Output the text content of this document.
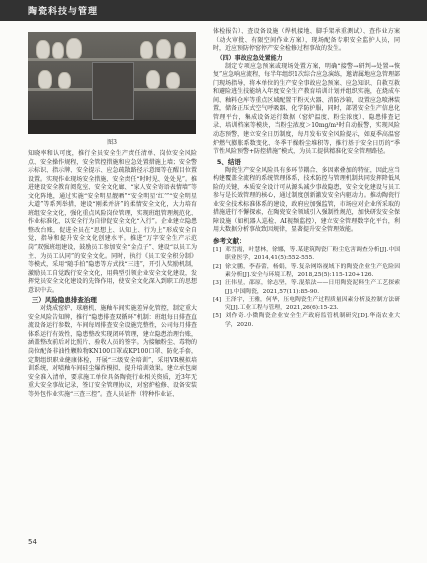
陶瓷科技与管理
图3

知晓率和认可度，推行全员安全生产责任清单、岗位安全风险点、安全操作规程，安全管控措施和应急处置措施上墙；安全警示标识、指示牌、安全提示、应急疏散路径示意图等在醒目位置设置。实现作业现场安全措施、安全责任“时时见、处处见”。推进建设安全教育阅览室、安全文化廊、“家人安全寄语表情墙”等文化阵地，通过实施“安全明星靓晒”“安全明星‘红’”“安全明星大道”等系列举措，建设“刚柔并济”的柔情安全文化，大力培育班组安全文化，强化重点风险岗位管理，实现班组管理规范化、作业标准化，以安全行为自律促安全文化“入行”。企业建立隐患整改台账，促进全员在“思想上、认知上、行为上”形成安全自觉，指导和提升安全文化创建水平。推进“万字安全生产示范岗”双强班组建设，鼓励员工参加安全“金点子”、建设“以员工为主、为员工认同”的安全文化。同时，执行《员工安全积分制》等模式，采用“随手拍”隐患等方式找“三违”，开引入奖励机制，激励员工自觉践行安全文化，用典型引领企业安全文化建设，发挥党员安全文化建设的先锋作用，使安全文化深入到职工的思想意识中去。

三）风险隐患排查治理

对烧成窑炉、球磨机、施釉车间实施差异化管控，制定重大安全风险告知牌，推行“隐患排查双循环”机制：班组每日排查直流设备运行参数，车间每周排查安全设施完整性，公司每月排查体系运行有效性，隐患整改实现闭环管理，建立隐患治理台账，涵盖整改前后对比照片、验收人员的签字。为接触粉尘、毒物的岗位配备非油性颗粒物KN100口罩或KP100口罩、防化手套，定期组织职业健康体检，开展“三级安全培训”，采用VR模拟培训系统，对喷釉车间硅尘爆炸模拟、提升培训效果。建立承包商安全准入清单，要求施工单位具备陶瓷行业相关资质，近3年无重大安全事故记录，签订安全管理协议，对窑炉检修、设备安装等外包作业实施“三查三控”。查人员证件（特种作业证、

体检报告）、查设备设施（焊机接地、脚手架承重测试）、查作业方案（动火审批、有限空间作业方案），现场配备专职安全监护人员，同时，近应预防停窑停产安全检修过程事故的发生。

（四）事故应急处置能力

制定专项应急预案或现场处置方案，明确“接警→研判→处置→恢复”应急响应流程，每半年组织1次综合应急演练，邀请属地应急管理部门现场指导，将本单位的生产安全事故应急预案、应急知识、自救互救和避险逃生技能纳入年度安全生产教育培训计划并组织实施，在烧成车间、釉料仓库等重点区域配置干粉灭火器、消防沙箱，设置应急喷淋装置，储备正压式空气呼吸器、化学防护服，同时，部署安全生产信息化管理平台，集成设备运行数据（窑炉温度、粉尘浓度）、隐患排查记录、培训档案等模块，当粉尘浓度＞10mg/m³时自动报警，实现风险动态预警，建立安全日历制度，每月发布安全风险提示，如夏季高温窑炉燃气膨胀系数变化、冬季干燥粉尘堆积等，推行基于安全日历的“季节性风险预警+防控措施”模式，为员工提供精准化安全管理路径。

5、结语

陶瓷生产安全风险具有多环节耦合、多因素叠加的特征，因此应当构建覆盖全流程的系统管理体系，技术防控与管理机制共同发挥降低风险的关键，本质安全设计可从源头减少事故隐患，安全文化建设与员工参与是长效管理的核心，通过制度创新激发安全内驱动力。推动陶瓷行业安全技术标准体系的建设，政府应加强监管，市场应对企业所采取的措施进行不懈探索，在陶瓷安全领域引入强制性规范，加快研发安全保障设施（如机器人巡检、AI视频监控），建立安全管理数字化平台，利用大数据分析事故致因规律，显著提升安全管理效能。

参考文献：
[1] 邓雪霞，叶慧林，徐娜，等.某建筑陶瓷厂粉尘危害调查分析[J].中国职业医学，2014,41(5):552-555.
[2] 徐文鹏，李春蕾，杨娟，等.复杂网络视域下的陶瓷企业生产危险因素分析[J].安全与环境工程，2018,25(5):115-120+126.
[3] 汪伟星，邵原，徐志坚，等.混浆法——日用陶瓷泥料生产工艺探索[J].中国陶瓷，2021,57(11):85-90.
[4] 王泽宇，王雅，何华，压电陶瓷生产过程质量因素分析及控制方法研究[J].工业工程与管理，2021,26(6):15-23.
[5] 刘作奇.小微陶瓷企业安全生产政府监管机制研究[D].华南农业大学，2020.
54
